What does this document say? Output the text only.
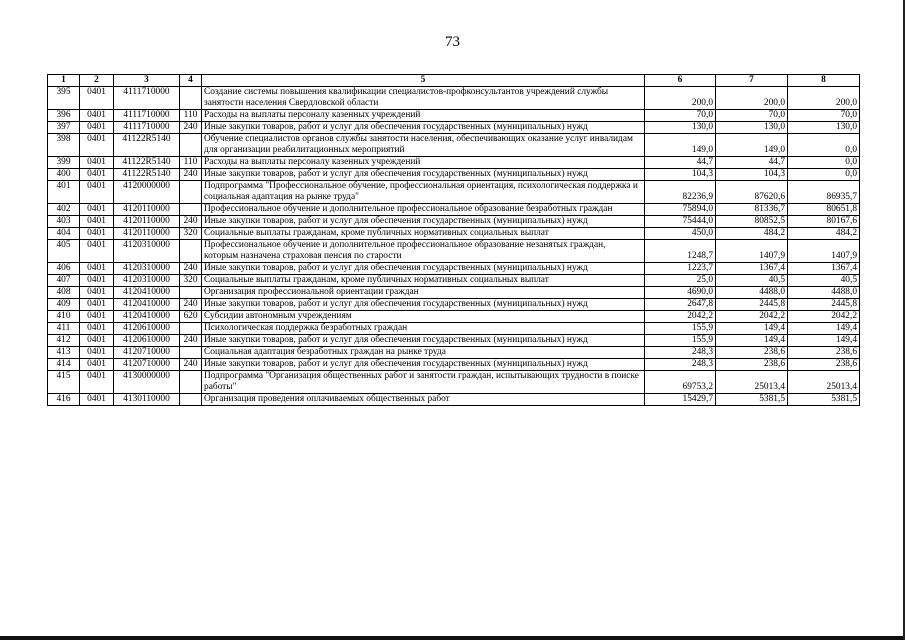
73
1	2	3	4	5	6	7	8
395	0401	4111710000		Создание системы повышения квалификации специалистов-профконсультантов учреждений службы занятости населения Свердловской области	200,0	200,0	200,0
396	0401	4111710000	110	Расходы на выплаты персоналу казенных учреждений	70,0	70,0	70,0
397	0401	4111710000	240	Иные закупки товаров, работ и услуг для обеспечения государственных (муниципальных) нужд	130,0	130,0	130,0
398	0401	41122R5140		Обучение специалистов органов службы занятости населения, обеспечивающих оказание услуг инвалидам для организации реабилитационных мероприятий	149,0	149,0	0,0
399	0401	41122R5140	110	Расходы на выплаты персоналу казенных учреждений	44,7	44,7	0,0
400	0401	41122R5140	240	Иные закупки товаров, работ и услуг для обеспечения государственных (муниципальных) нужд	104,3	104,3	0,0
401	0401	4120000000		Подпрограмма "Профессиональное обучение, профессиональная ориентация, психологическая поддержка и социальная адаптация на рынке труда"	82236,9	87620,6	86935,7
402	0401	4120110000		Профессиональное обучение и дополнительное профессиональное образование безработных граждан	75894,0	81336,7	80651,8
403	0401	4120110000	240	Иные закупки товаров, работ и услуг для обеспечения государственных (муниципальных) нужд	75444,0	80852,5	80167,6
404	0401	4120110000	320	Социальные выплаты гражданам, кроме публичных нормативных социальных выплат	450,0	484,2	484,2
405	0401	4120310000		Профессиональное обучение и дополнительное профессиональное образование незанятых граждан, которым назначена страховая пенсия по старости	1248,7	1407,9	1407,9
406	0401	4120310000	240	Иные закупки товаров, работ и услуг для обеспечения государственных (муниципальных) нужд	1223,7	1367,4	1367,4
407	0401	4120310000	320	Социальные выплаты гражданам, кроме публичных нормативных социальных выплат	25,0	40,5	40,5
408	0401	4120410000		Организация профессиональной ориентации граждан	4690,0	4488,0	4488,0
409	0401	4120410000	240	Иные закупки товаров, работ и услуг для обеспечения государственных (муниципальных) нужд	2647,8	2445,8	2445,8
410	0401	4120410000	620	Субсидии автономным учреждениям	2042,2	2042,2	2042,2
411	0401	4120610000		Психологическая поддержка безработных граждан	155,9	149,4	149,4
412	0401	4120610000	240	Иные закупки товаров, работ и услуг для обеспечения государственных (муниципальных) нужд	155,9	149,4	149,4
413	0401	4120710000		Социальная адаптация безработных граждан на рынке труда	248,3	238,6	238,6
414	0401	4120710000	240	Иные закупки товаров, работ и услуг для обеспечения государственных (муниципальных) нужд	248,3	238,6	238,6
415	0401	4130000000		Подпрограмма "Организация общественных работ и занятости граждан, испытывающих трудности в поиске работы"	69753,2	25013,4	25013,4
416	0401	4130110000		Организация проведения оплачиваемых общественных работ	15429,7	5381,5	5381,5
